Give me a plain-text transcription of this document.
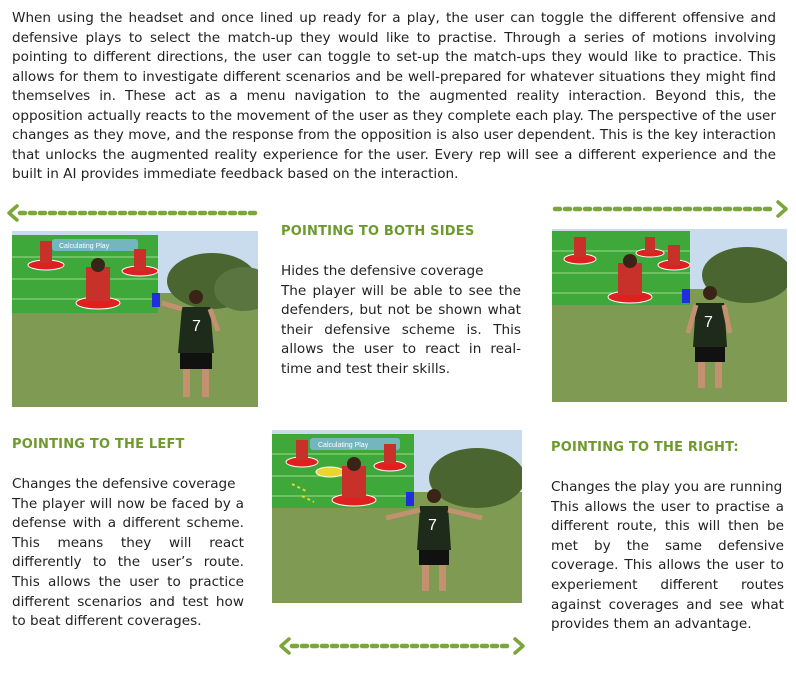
When using the headset and once lined up ready for a play, the user can toggle the different offensive and defensive plays to select the match-up they would like to practise. Through a series of motions involving pointing to different directions, the user can toggle to set-up the match-ups they would like to practice. This allows for them to investigate different scenarios and be well-prepared for whatever situations they might find themselves in. These act as a menu navigation to the augmented reality interaction. Beyond this, the opposition actually reacts to the movement of the user as they complete each play. The perspective of the user changes as they move, and the response from the opposition is also user dependent. This is the key interaction that unlocks the augmented reality experience for the user. Every rep will see a different experience and the built in AI provides immediate feedback based on the interaction.

Calculating Play
7	7
Calculating Play
7
POINTING TO BOTH SIDES

Hides the defensive coverage
The player will be able to see the defenders, but not be shown what their defensive scheme is. This allows the user to react in real-time and test their skills.

POINTING TO THE LEFT

Changes the defensive coverage
The player will now be faced by a defense with a different scheme. This means they will react differently to the user’s route. This allows the user to practice different scenarios and test how to beat different coverages.

POINTING TO THE RIGHT:

Changes the play you are running
This allows the user to practise a different route, this will then be met by the same defensive coverage. This allows the user to experiement different routes against coverages and see what provides them an advantage.
